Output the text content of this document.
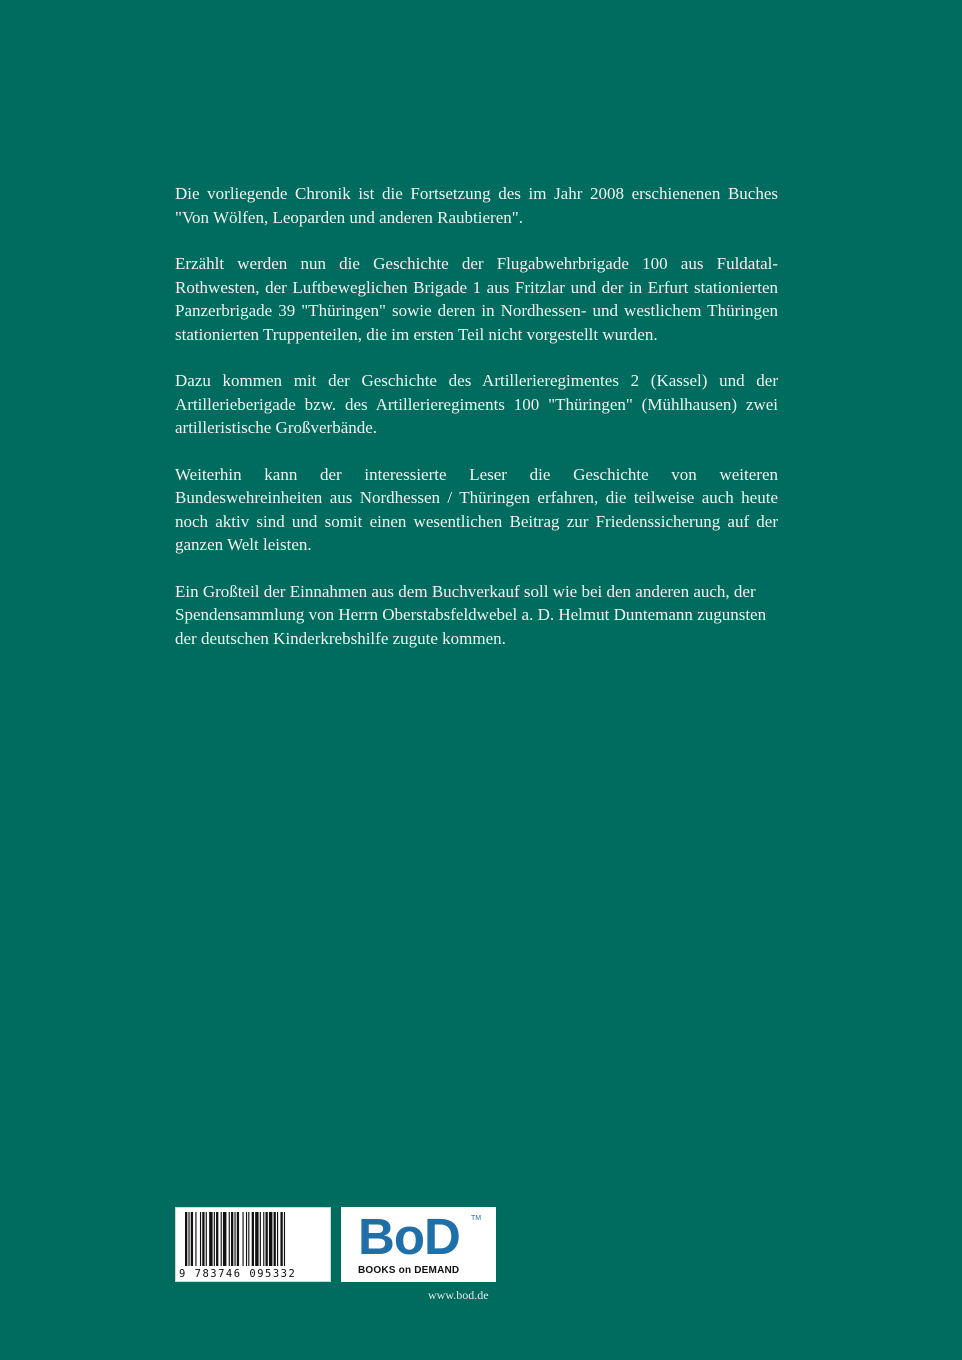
Die vorliegende Chronik ist die Fortsetzung des im Jahr 2008 erschienenen Buches "Von Wölfen, Leoparden und anderen Raubtieren".

Erzählt werden nun die Geschichte der Flugabwehrbrigade 100 aus Fuldatal-Rothwesten, der Luftbeweglichen Brigade 1 aus Fritzlar und der in Erfurt stationierten Panzerbrigade 39 "Thüringen" sowie deren in Nordhessen- und westlichem Thüringen stationierten Truppenteilen, die im ersten Teil nicht vorgestellt wurden.

Dazu kommen mit der Geschichte des Artillerieregimentes 2 (Kassel) und der Artillerieberigade bzw. des Artillerieregiments 100 "Thüringen" (Mühlhausen) zwei artilleristische Großverbände.

Weiterhin kann der interessierte Leser die Geschichte von weiteren Bundeswehreinheiten aus Nordhessen / Thüringen erfahren, die teilweise auch heute noch aktiv sind und somit einen wesentlichen Beitrag zur Friedenssicherung auf der ganzen Welt leisten.

Ein Großteil der Einnahmen aus dem Buchverkauf soll wie bei den anderen auch, der Spendensammlung von Herrn Oberstabsfeldwebel a. D. Helmut Duntemann zugunsten der deutschen Kinderkrebshilfe zugute kommen.

9 783746 095332
BoD TM
BOOKS on DEMAND
www.bod.de
